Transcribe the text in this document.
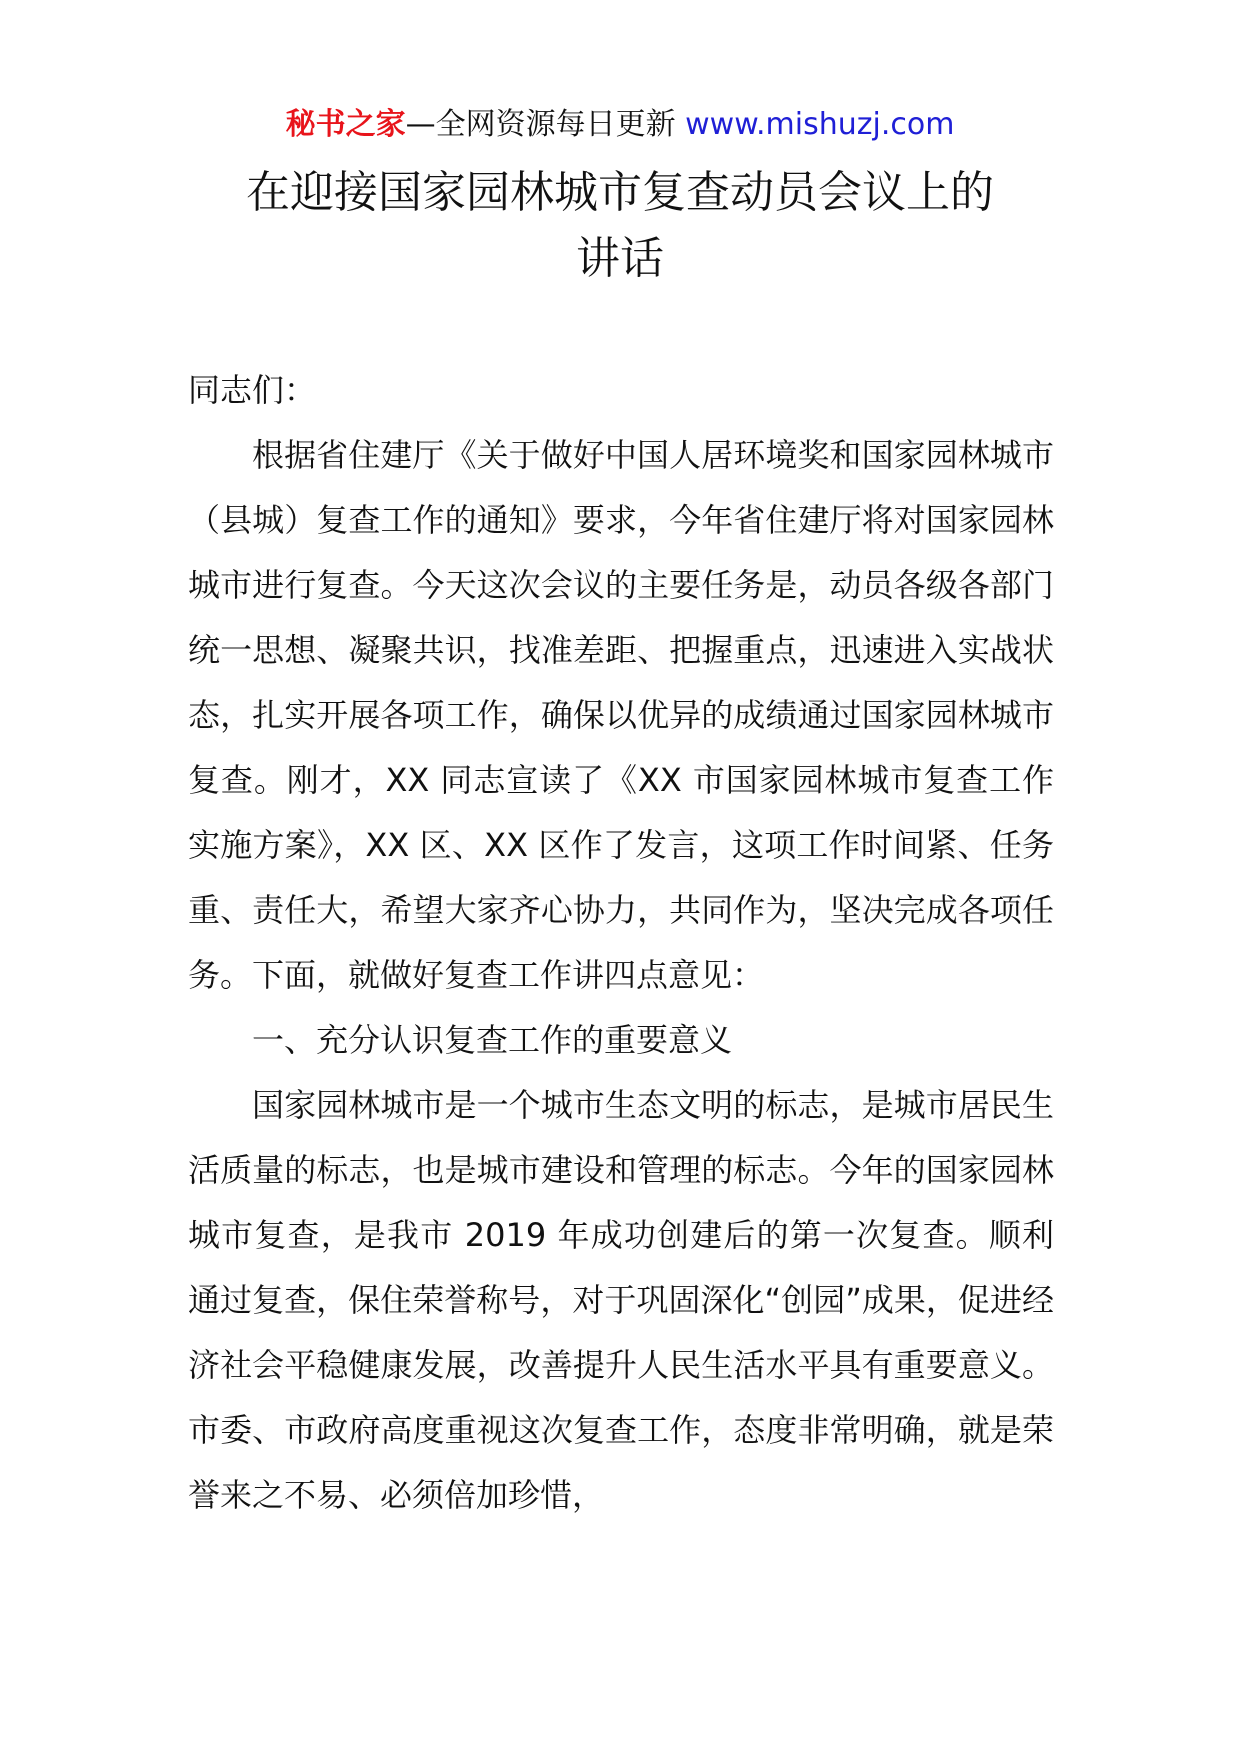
秘书之家—全网资源每日更新 www.mishuzj.com
在迎接国家园林城市复查动员会议上的
讲话

同志们：

根据省住建厅《关于做好中国人居环境奖和国家园林城市（县城）复查工作的通知》要求，今年省住建厅将对国家园林城市进行复查。今天这次会议的主要任务是，动员各级各部门统一思想、凝聚共识，找准差距、把握重点，迅速进入实战状态，扎实开展各项工作，确保以优异的成绩通过国家园林城市复查。刚才，XX 同志宣读了《XX 市国家园林城市复查工作实施方案》，XX 区、XX 区作了发言，这项工作时间紧、任务重、责任大，希望大家齐心协力，共同作为，坚决完成各项任务。下面，就做好复查工作讲四点意见：

一、充分认识复查工作的重要意义

国家园林城市是一个城市生态文明的标志，是城市居民生活质量的标志，也是城市建设和管理的标志。今年的国家园林城市复查，是我市 2019 年成功创建后的第一次复查。顺利通过复查，保住荣誉称号，对于巩固深化“创园”成果，促进经济社会平稳健康发展，改善提升人民生活水平具有重要意义。市委、市政府高度重视这次复查工作，态度非常明确，就是荣誉来之不易、必须倍加珍惜，
